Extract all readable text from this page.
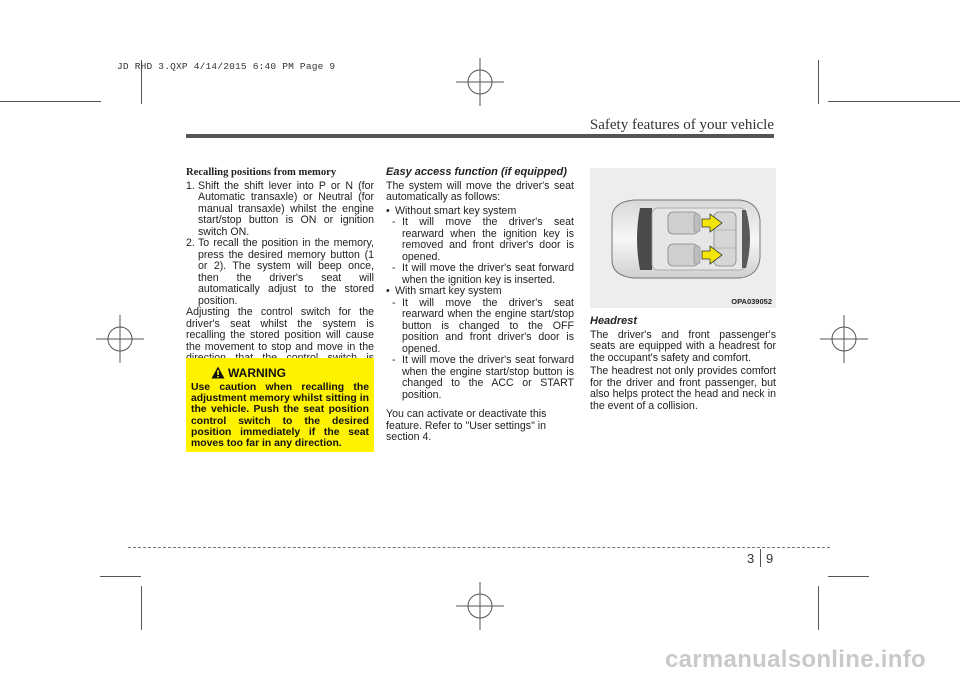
JD RHD 3.QXP 4/14/2015 6:40 PM Page 9
Safety features of your vehicle
Recalling positions from memory
1. Shift the shift lever into P or N (for Automatic transaxle) or Neutral (for manual transaxle) whilst the engine start/stop button is ON or ignition switch ON.
2. To recall the position in the memory, press the desired memory button (1 or 2). The system will beep once, then the driver's seat will automatically adjust to the stored position.
Adjusting the control switch for the driver's seat whilst the system is recalling the stored position will cause the movement to stop and move in the
WARNING
Use caution when recalling the adjustment memory whilst sitting in the vehicle. Push the seat position control switch to the desired position immediately if the seat moves too far in any direction.
Easy access function (if equipped)
The system will move the driver's seat automatically as follows:
• Without smart key system
- It will move the driver's seat rearward when the ignition key is removed and front driver's door is opened.
- It will move the driver's seat forward when the ignition key is inserted.
• With smart key system
- It will move the driver's seat rearward when the engine start/stop button is changed to the OFF position and front driver's door is opened.
- It will move the driver's seat forward when the engine start/stop button is changed to the ACC or START position.
You can activate or deactivate this feature. Refer to "User settings" in section 4.
OPA039052
Headrest
The driver's and front passenger's seats are equipped with a headrest for the occupant's safety and comfort.
The headrest not only provides comfort for the driver and front passenger, but also helps protect the head and neck in the event of a collision.
3 9
carmanualsonline.info
